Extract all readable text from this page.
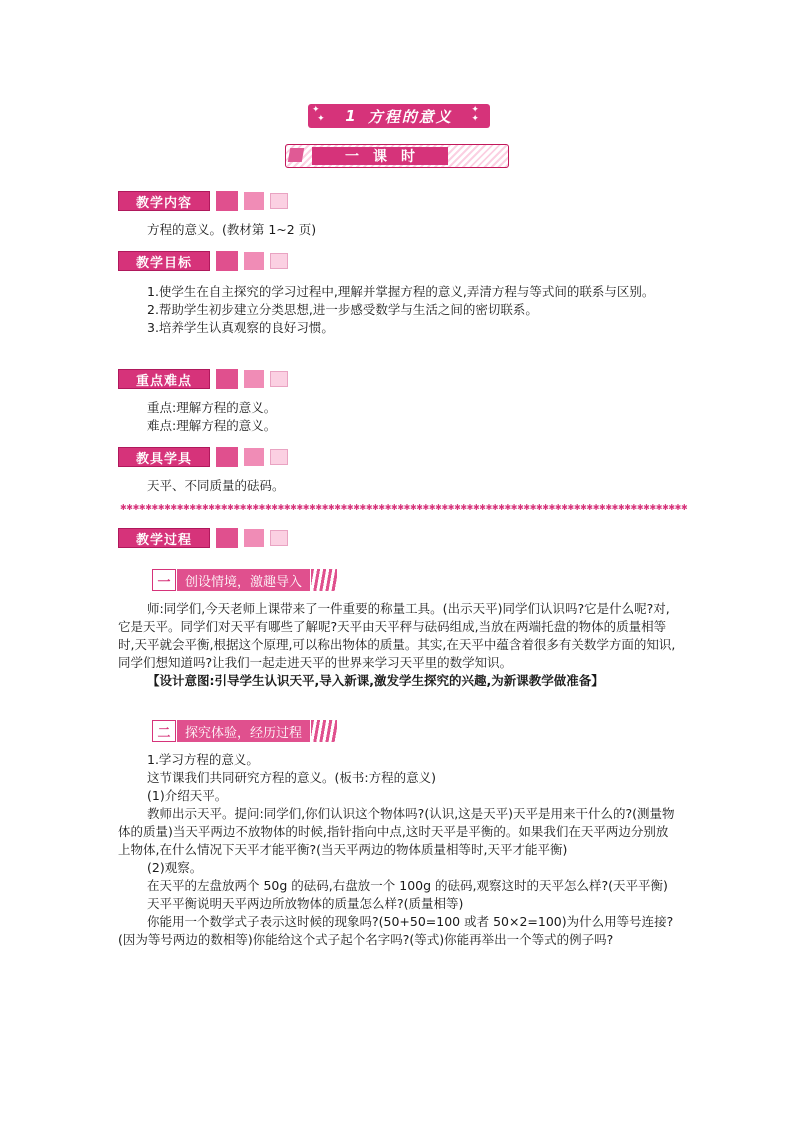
✦
✦ 1 方程的意义 ✦
✦
一课时
教学内容
方程的意义。(教材第 1~2 页)
教学目标
1.使学生在自主探究的学习过程中,理解并掌握方程的意义,弄清方程与等式间的联系与区别。
2.帮助学生初步建立分类思想,进一步感受数学与生活之间的密切联系。
3.培养学生认真观察的良好习惯。
重点难点
重点:理解方程的意义。
难点:理解方程的意义。
教具学具
天平、不同质量的砝码。
✱✱✱✱✱✱✱✱✱✱✱✱✱✱✱✱✱✱✱✱✱✱✱✱✱✱✱✱✱✱✱✱✱✱✱✱✱✱✱✱✱✱✱✱✱✱✱✱✱✱✱✱✱✱✱✱✱✱✱✱✱✱✱✱✱✱✱✱✱✱✱✱✱✱✱✱✱✱✱✱✱✱✱✱✱✱✱✱✱✱
教学过程
一	创设情境，激趣导入
师:同学们,今天老师上课带来了一件重要的称量工具。(出示天平)同学们认识吗?它是什么呢?对,它是天平。同学们对天平有哪些了解呢?天平由天平秤与砝码组成,当放在两端托盘的物体的质量相等时,天平就会平衡,根据这个原理,可以称出物体的质量。其实,在天平中蕴含着很多有关数学方面的知识,同学们想知道吗?让我们一起走进天平的世界来学习天平里的数学知识。
【设计意图:引导学生认识天平,导入新课,激发学生探究的兴趣,为新课教学做准备】
二	探究体验，经历过程
1.学习方程的意义。
这节课我们共同研究方程的意义。(板书:方程的意义)
(1)介绍天平。
教师出示天平。提问:同学们,你们认识这个物体吗?(认识,这是天平)天平是用来干什么的?(测量物体的质量)当天平两边不放物体的时候,指针指向中点,这时天平是平衡的。如果我们在天平两边分别放上物体,在什么情况下天平才能平衡?(当天平两边的物体质量相等时,天平才能平衡)
(2)观察。
在天平的左盘放两个 50g 的砝码,右盘放一个 100g 的砝码,观察这时的天平怎么样?(天平平衡)
天平平衡说明天平两边所放物体的质量怎么样?(质量相等)
你能用一个数学式子表示这时候的现象吗?(50+50=100 或者 50×2=100)为什么用等号连接?(因为等号两边的数相等)你能给这个式子起个名字吗?(等式)你能再举出一个等式的例子吗?
